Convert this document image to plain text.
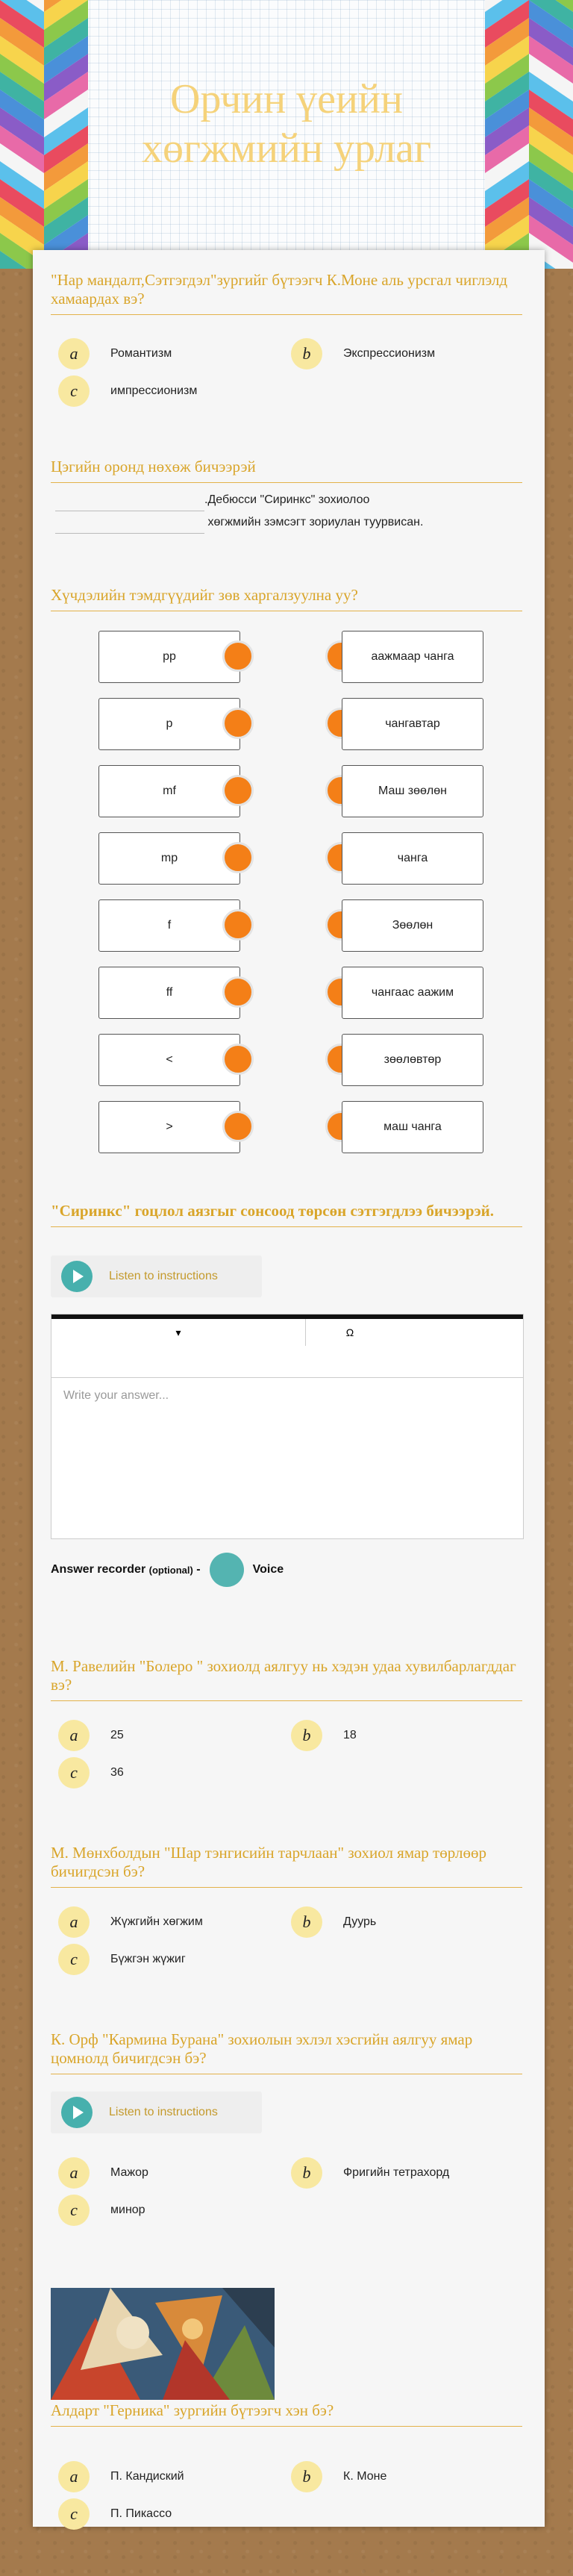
Орчин үеийн хөгжмийн урлаг
"Нар мандалт,Сэтгэгдэл"зургийг бүтээгч К.Моне аль урсгал чиглэлд хамаардах вэ?
a	Романтизм	b	Экспрессионизм
c	импрессионизм
Цэгийн оронд нөхөж бичээрэй
.Дебюсси "Сиринкс" зохиолоо
хөгжмийн зэмсэгт зориулан туурвисан.
Хүчдэлийн тэмдгүүдийг зөв харгалзуулна уу?
pp	аажмаар чанга
p	чангавтар
mf	Маш зөөлөн
mp	чанга
f	Зөөлөн
ff	чангаас аажим
<	зөөлөвтөр
>	маш чанга
"Сиринкс" гоцлол аязгыг сонсоод төрсөн сэтгэгдлээ бичээрэй.
Listen to instructions
▾	Ω
Write your answer...
Answer recorder
(optional)
-	Voice
М. Равелийн "Болеро " зохиолд аялгуу нь хэдэн удаа хувилбарлагддаг вэ?
a	25	b	18
c	36
М. Мөнхболдын "Шар тэнгисийн тарчлаан" зохиол ямар төрлөөр бичигдсэн бэ?
a	Жүжгийн хөгжим	b	Дуурь
c	Бүжгэн жүжиг
К. Орф "Кармина Бурана" зохиолын эхлэл хэсгийн аялгуу ямар цомнолд бичигдсэн бэ?
Listen to instructions
a	Мажор	b	Фригийн тетрахорд
c	минор
Алдарт "Герника" зургийн бүтээгч хэн бэ?
a	П. Кандиский	b	К. Моне
c	П. Пикассо
